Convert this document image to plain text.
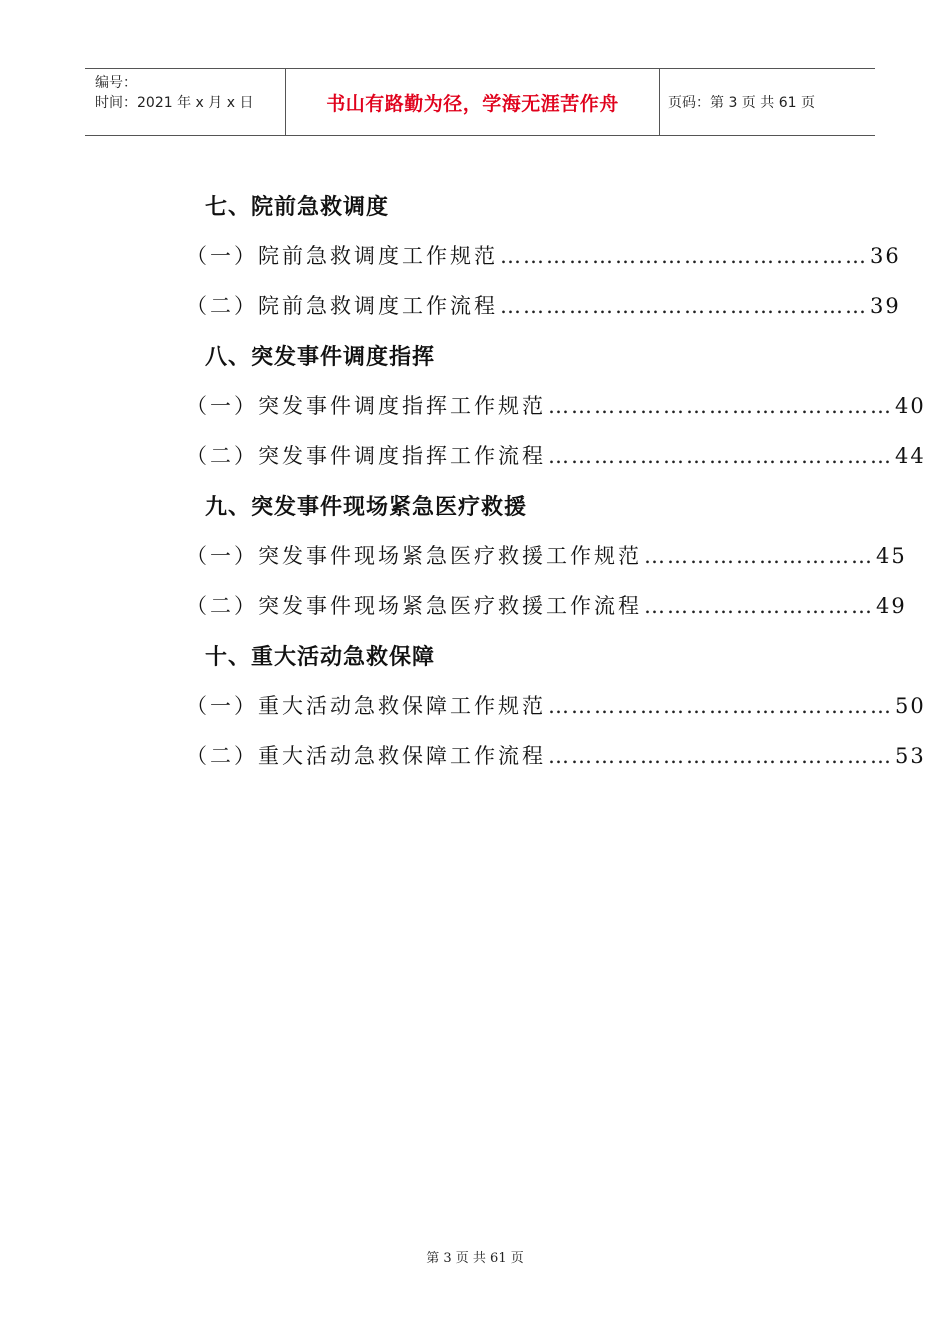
编号：
时间：2021 年 x 月 x 日	书山有路勤为径，学海无涯苦作舟	页码：第 3 页 共 61 页
七、院前急救调度
（一）院前急救调度工作规范 ………………………………………… 36
（二）院前急救调度工作流程 ………………………………………… 39
八、突发事件调度指挥
（一）突发事件调度指挥工作规范 ……………………………………… 40
（二）突发事件调度指挥工作流程 ……………………………………… 44
九、突发事件现场紧急医疗救援
（一）突发事件现场紧急医疗救援工作规范 ………………………… 45
（二）突发事件现场紧急医疗救援工作流程 ………………………… 49
十、重大活动急救保障
（一）重大活动急救保障工作规范 ……………………………………… 50
（二）重大活动急救保障工作流程 ……………………………………… 53
第 3 页 共 61 页
